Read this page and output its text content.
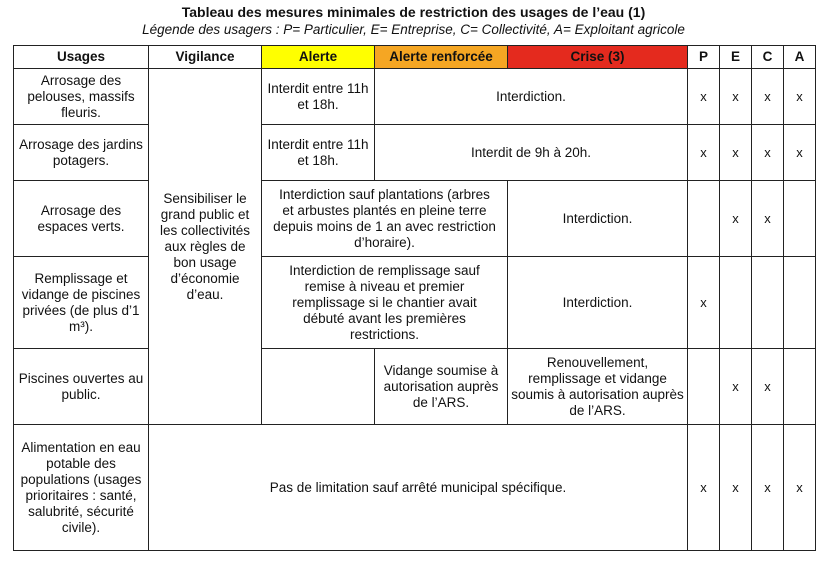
Tableau des mesures minimales de restriction des usages de l’eau (1)
Légende des usagers : P= Particulier, E= Entreprise, C= Collectivité, A= Exploitant agricole
Usages	Vigilance	Alerte	Alerte renforcée	Crise (3)	P	E	C	A
Arrosage des pelouses, massifs fleuris.	Sensibiliser le grand public et les collectivités aux règles de bon usage d’économie d’eau.	Interdit entre 11h et 18h.	Interdiction.		x	x	x	x
Arrosage des jardins potagers.		Interdit entre 11h et 18h.	Interdit de 9h à 20h.		x	x	x	x
Arrosage des espaces verts.		Interdiction sauf plantations (arbres et arbustes plantés en pleine terre depuis moins de 1 an avec restriction d’horaire).		Interdiction.		x	x	
Remplissage et vidange de piscines privées (de plus d’1 m³).		Interdiction de remplissage sauf remise à niveau et premier remplissage si le chantier avait débuté avant les premières restrictions.		Interdiction.	x			
Piscines ouvertes au public.			Vidange soumise à autorisation auprès de l’ARS.	Renouvellement, remplissage et vidange soumis à autorisation auprès de l’ARS.		x	x	
Alimentation en eau potable des populations (usages prioritaires : santé, salubrité, sécurité civile).	Pas de limitation sauf arrêté municipal spécifique.				x	x	x	x
